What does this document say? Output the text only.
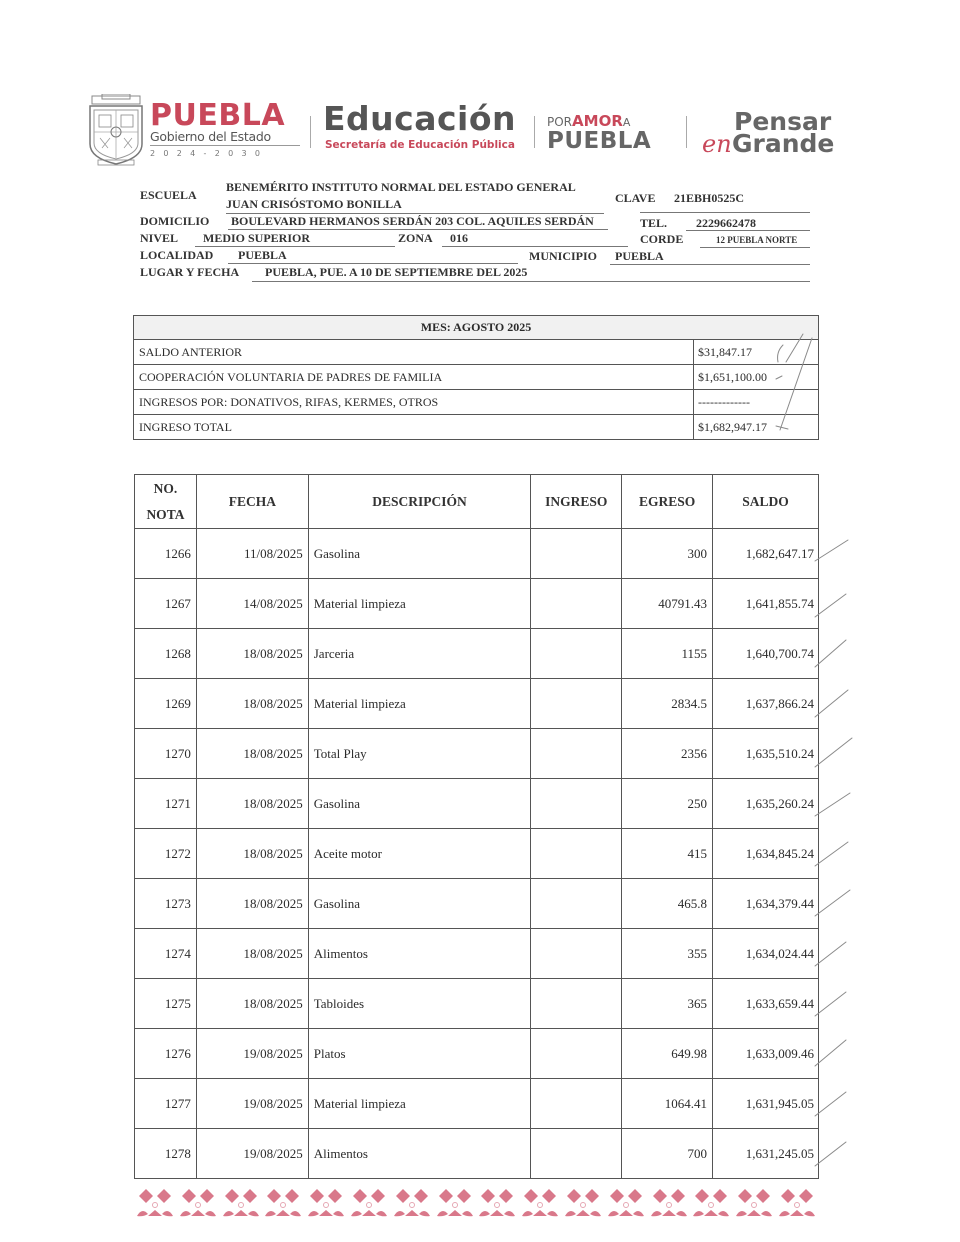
PUEBLA
Gobierno del Estado
2024-2030
Educación
Secretaría de Educación Pública
PORAMORA
PUEBLA
Pensar
en Grande
ESCUELA
BENEMÉRITO INSTITUTO NORMAL DEL ESTADO GENERAL
JUAN CRISÓSTOMO BONILLA	CLAVE 21EBH0525C
DOMICILIO BOULEVARD HERMANOS SERDÁN 203 COL. AQUILES SERDÁN	TEL. 2229662478
NIVEL MEDIO SUPERIOR	ZONA 016	CORDE	12 PUEBLA NORTE
LOCALIDAD PUEBLA	MUNICIPIO PUEBLA
LUGAR Y FECHA PUEBLA, PUE. A 10 DE SEPTIEMBRE DEL 2025
MES: AGOSTO 2025	
SALDO ANTERIOR	$31,847.17
COOPERACIÓN VOLUNTARIA DE PADRES DE FAMILIA	$1,651,100.00
INGRESOS POR: DONATIVOS, RIFAS, KERMES, OTROS	-------------
INGRESO TOTAL	$1,682,947.17
NO.
NOTA	FECHA	DESCRIPCIÓN	INGRESO	EGRESO	SALDO
1266	11/08/2025	Gasolina		300	1,682,647.17
1267	14/08/2025	Material limpieza		40791.43	1,641,855.74
1268	18/08/2025	Jarceria		1155	1,640,700.74
1269	18/08/2025	Material limpieza		2834.5	1,637,866.24
1270	18/08/2025	Total Play		2356	1,635,510.24
1271	18/08/2025	Gasolina		250	1,635,260.24
1272	18/08/2025	Aceite motor		415	1,634,845.24
1273	18/08/2025	Gasolina		465.8	1,634,379.44
1274	18/08/2025	Alimentos		355	1,634,024.44
1275	18/08/2025	Tabloides		365	1,633,659.44
1276	19/08/2025	Platos		649.98	1,633,009.46
1277	19/08/2025	Material limpieza		1064.41	1,631,945.05
1278	19/08/2025	Alimentos		700	1,631,245.05
